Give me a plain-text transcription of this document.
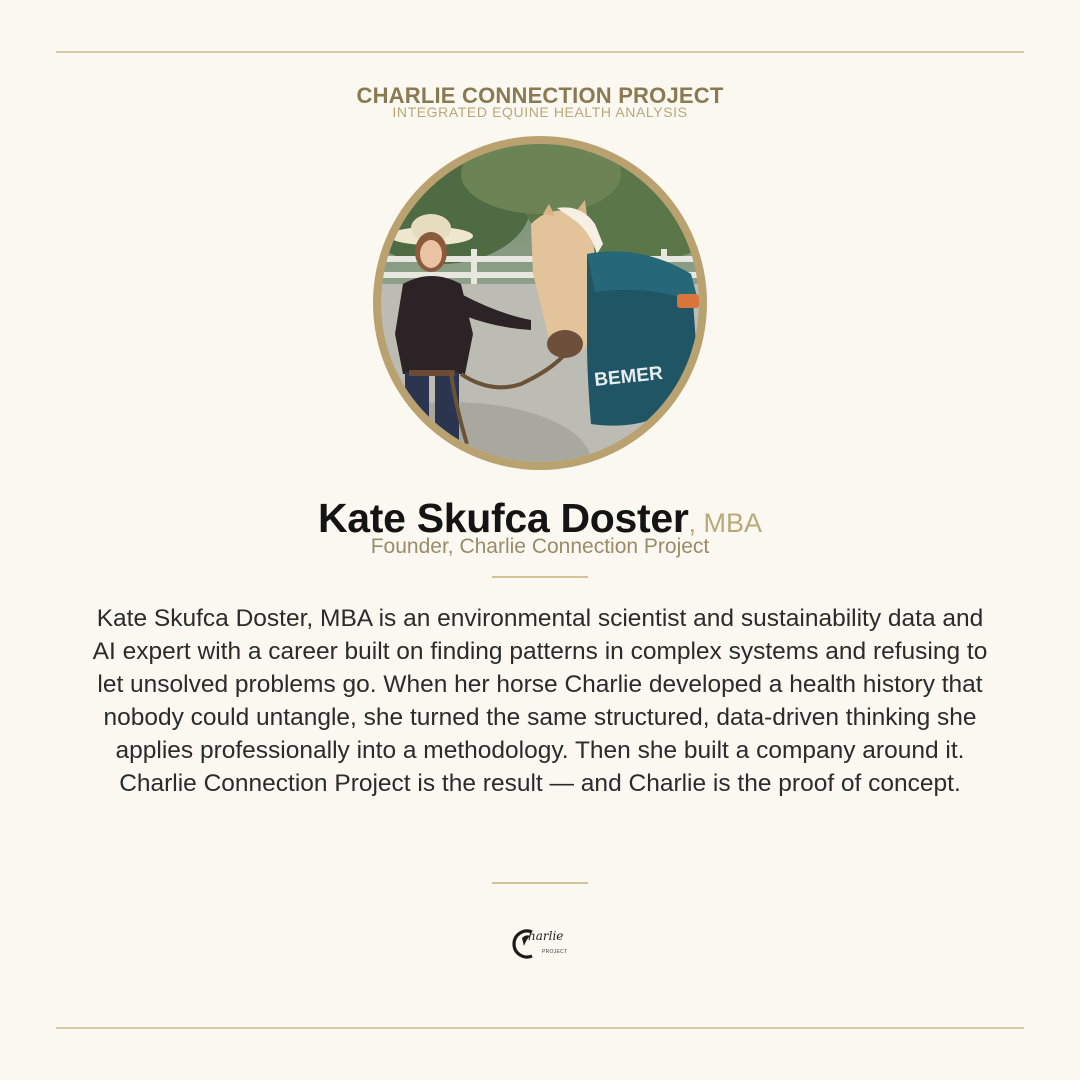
CHARLIE CONNECTION PROJECT
INTEGRATED EQUINE HEALTH ANALYSIS
BEMER
Kate Skufca Doster, MBA
Founder, Charlie Connection Project
Kate Skufca Doster, MBA is an environmental scientist and sustainability data and AI expert with a career built on finding patterns in complex systems and refusing to let unsolved problems go. When her horse Charlie developed a health history that nobody could untangle, she turned the same structured, data-driven thinking she applies professionally into a methodology. Then she built a company around it. Charlie Connection Project is the result — and Charlie is the proof of concept.
harlie
PROJECT
